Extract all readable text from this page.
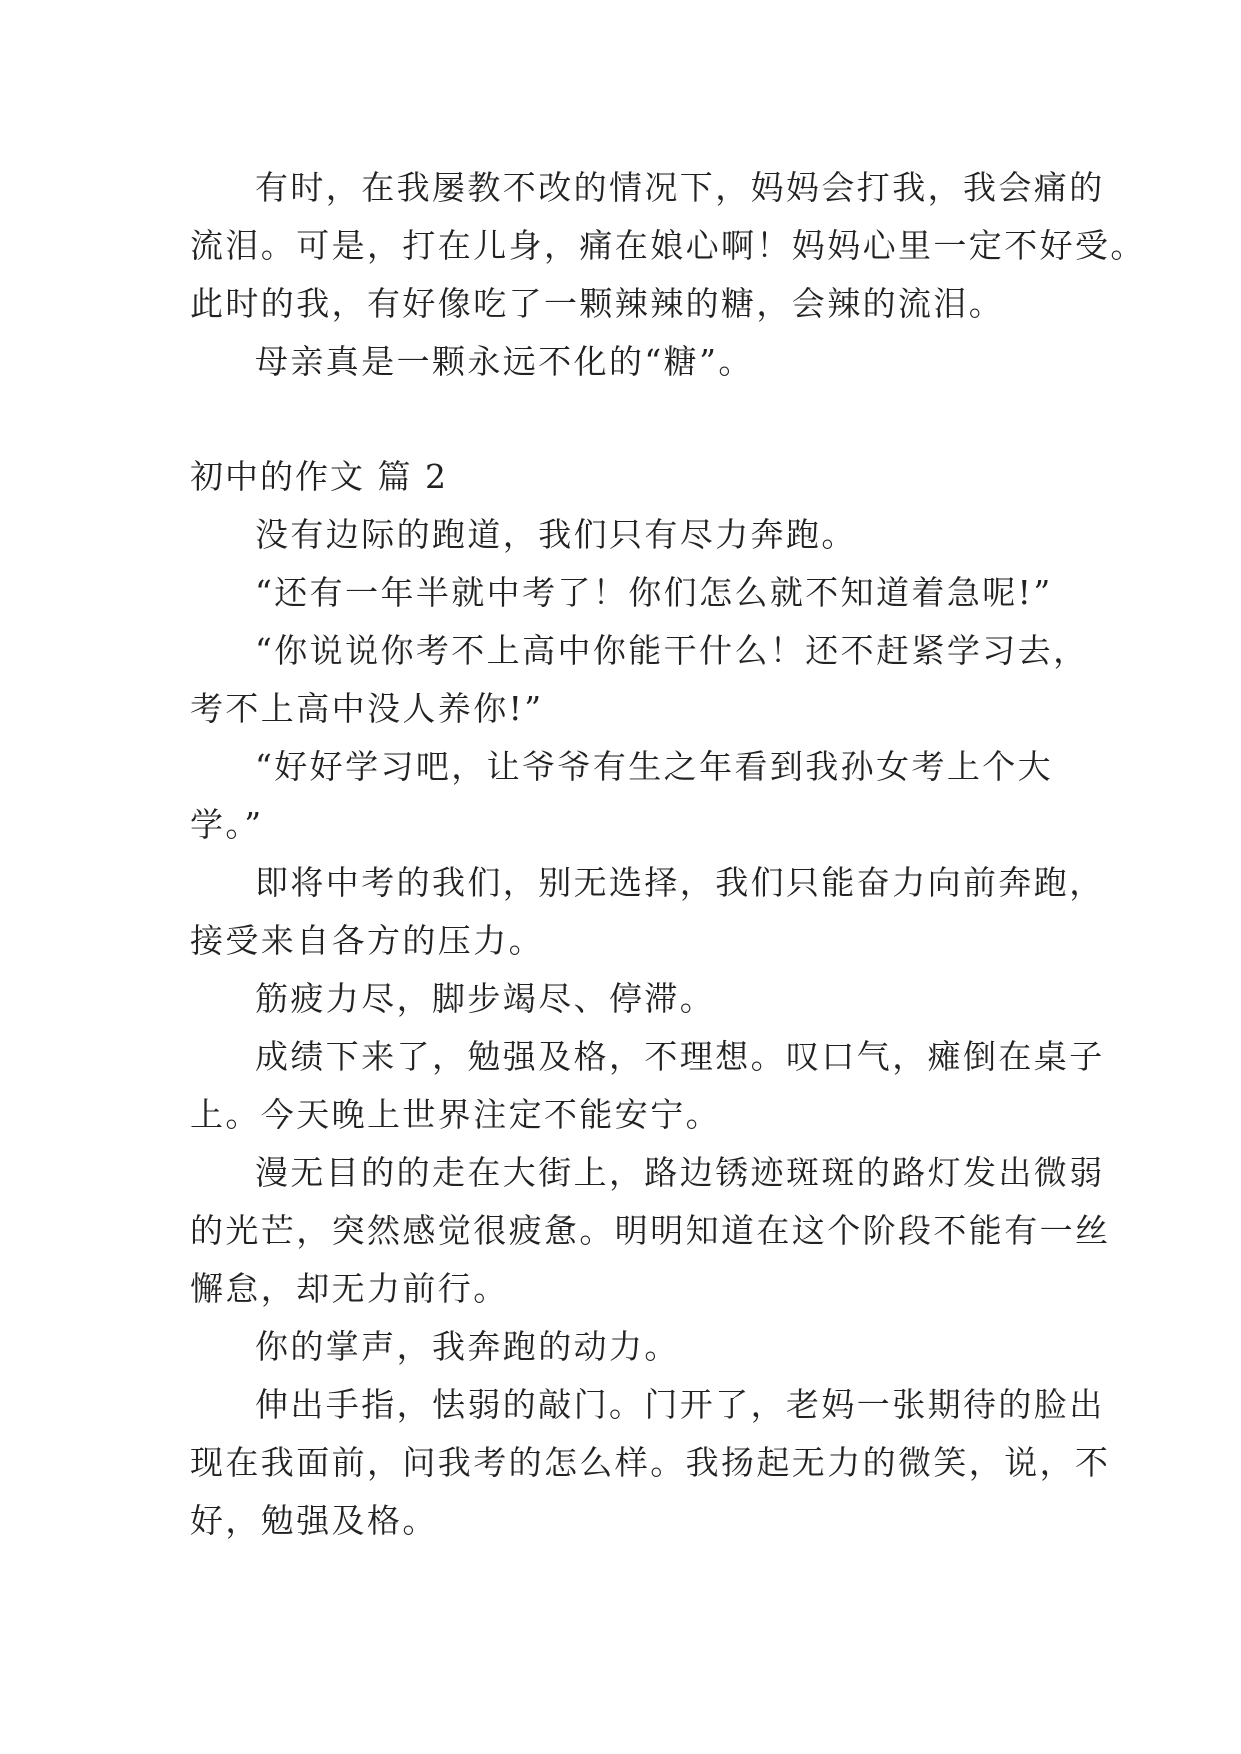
有时，在我屡教不改的情况下，妈妈会打我，我会痛的
流泪。可是，打在儿身，痛在娘心啊！妈妈心里一定不好受。
此时的我，有好像吃了一颗辣辣的糖，会辣的流泪。
母亲真是一颗永远不化的“糖”。
初中的作文 篇 2
没有边际的跑道，我们只有尽力奔跑。
“还有一年半就中考了！你们怎么就不知道着急呢!”
“你说说你考不上高中你能干什么！还不赶紧学习去，
考不上高中没人养你!”
“好好学习吧，让爷爷有生之年看到我孙女考上个大
学。”
即将中考的我们，别无选择，我们只能奋力向前奔跑，
接受来自各方的压力。
筋疲力尽，脚步竭尽、停滞。
成绩下来了，勉强及格，不理想。叹口气，瘫倒在桌子
上。今天晚上世界注定不能安宁。
漫无目的的走在大街上，路边锈迹斑斑的路灯发出微弱
的光芒，突然感觉很疲惫。明明知道在这个阶段不能有一丝
懈怠，却无力前行。
你的掌声，我奔跑的动力。
伸出手指，怯弱的敲门。门开了，老妈一张期待的脸出
现在我面前，问我考的怎么样。我扬起无力的微笑，说，不
好，勉强及格。
